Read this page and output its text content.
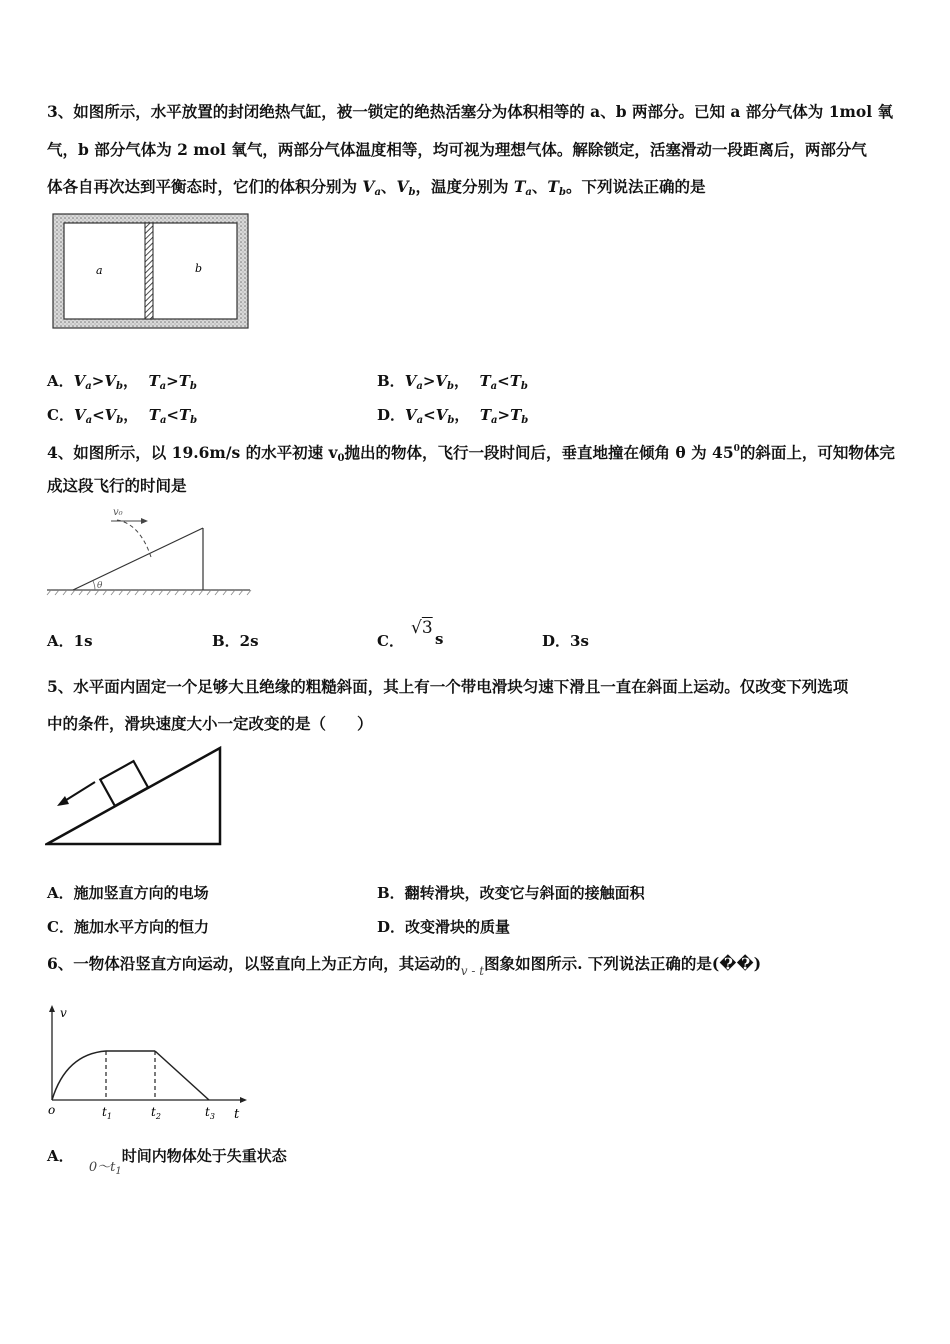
3、如图所示，水平放置的封闭绝热气缸，被一锁定的绝热活塞分为体积相等的 a、b 两部分。已知 a 部分气体为 1mol 氧
气，b 部分气体为 2 mol 氧气，两部分气体温度相等，均可视为理想气体。解除锁定，活塞滑动一段距离后，两部分气
体各自再次达到平衡态时，它们的体积分别为 $V_a$、$V_b$，温度分别为 $T_a$、$T_b$。下列说法正确的是
a	b
A．$V_a>V_b$， $T_a>T_b$	B．$V_a>V_b$， $T_a<T_b$
C．$V_a<V_b$， $T_a<T_b$	D．$V_a<V_b$， $T_a>T_b$
4、如图所示，以 19.6m/s 的水平初速 $v_0$抛出的物体，飞行一段时间后，垂直地撞在倾角 θ 为 $45^0$的斜面上，可知物体完
成这段飞行的时间是
v₀
θ
A．1s	B．2s	C．
√3
s	D．3s
5、水平面内固定一个足够大且绝缘的粗糙斜面，其上有一个带电滑块匀速下滑且一直在斜面上运动。仅改变下列选项
中的条件，滑块速度大小一定改变的是（　　）
A．施加竖直方向的电场	B．翻转滑块，改变它与斜面的接触面积
C．施加水平方向的恒力	D．改变滑块的质量
6、一物体沿竖直方向运动，以竖直向上为正方向，其运动的$_{v - t}$图象如图所示. 下列说法正确的是(��)
v
t
o	$t_1$	$t_2$	$t_3$
A． $0\sim t_1$时间内物体处于失重状态
